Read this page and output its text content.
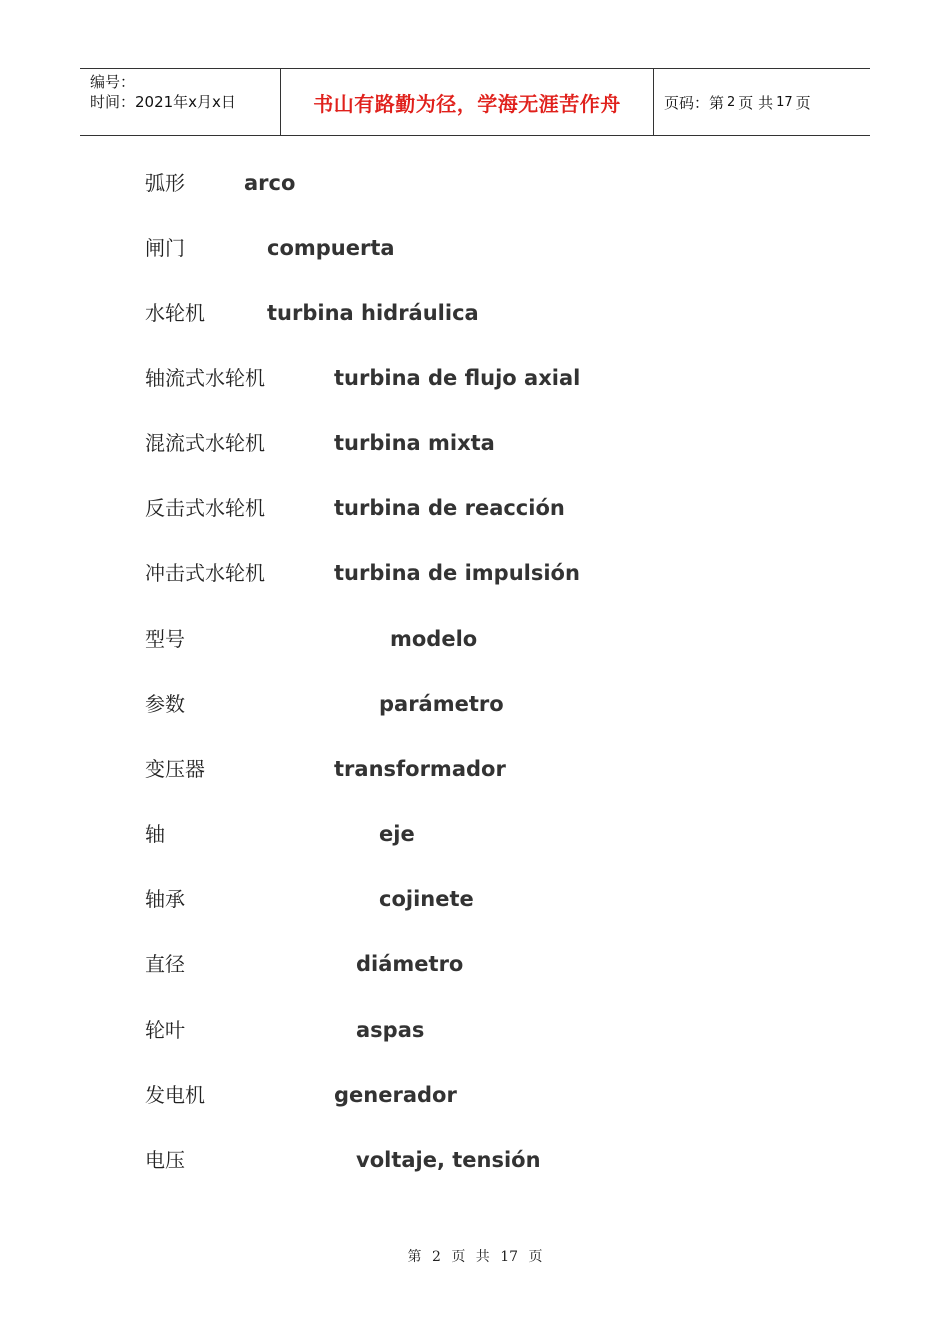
编号：
时间：2021年x月x日	书山有路勤为径，学海无涯苦作舟	页码：第 2 页 共 17 页
弧形	arco
闸门	compuerta
水轮机	turbina hidráulica
轴流式水轮机	turbina de flujo axial
混流式水轮机	turbina mixta
反击式水轮机	turbina de reacción
冲击式水轮机	turbina de impulsión
型号	modelo
参数	parámetro
变压器	transformador
轴	eje
轴承	cojinete
直径	diámetro
轮叶	aspas
发电机	generador
电压	voltaje, tensión
第 2 页 共 17 页
